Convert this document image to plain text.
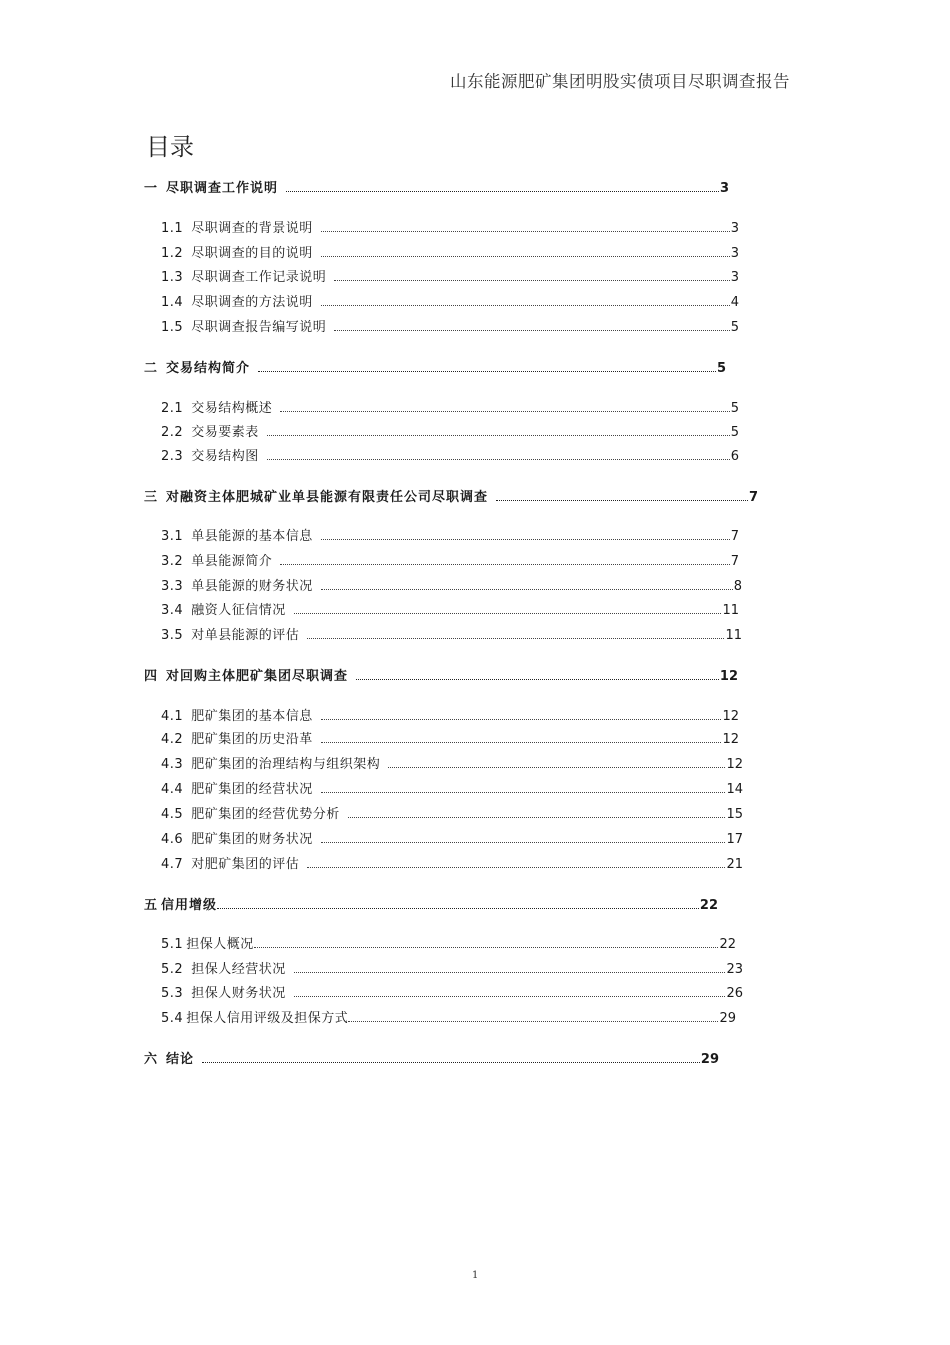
山东能源肥矿集团明股实债项目尽职调查报告
目录
一 尽职调查工作说明	3
1.1 尽职调查的背景说明	3
1.2 尽职调查的目的说明	3
1.3 尽职调查工作记录说明	3
1.4 尽职调查的方法说明	4
1.5 尽职调查报告编写说明	5
二 交易结构简介	5
2.1 交易结构概述	5
2.2 交易要素表	5
2.3 交易结构图	6
三 对融资主体肥城矿业单县能源有限责任公司尽职调查	7
3.1 单县能源的基本信息	7
3.2 单县能源简介	7
3.3 单县能源的财务状况	8
3.4 融资人征信情况	11
3.5 对单县能源的评估	11
四 对回购主体肥矿集团尽职调查	12
4.1 肥矿集团的基本信息	12
4.2 肥矿集团的历史沿革	12
4.3 肥矿集团的治理结构与组织架构	12
4.4 肥矿集团的经营状况	14
4.5 肥矿集团的经营优势分析	15
4.6 肥矿集团的财务状况	17
4.7 对肥矿集团的评估	21
五 信用增级	22
5.1 担保人概况	22
5.2 担保人经营状况	23
5.3 担保人财务状况	26
5.4 担保人信用评级及担保方式	29
六 结论	29
1
